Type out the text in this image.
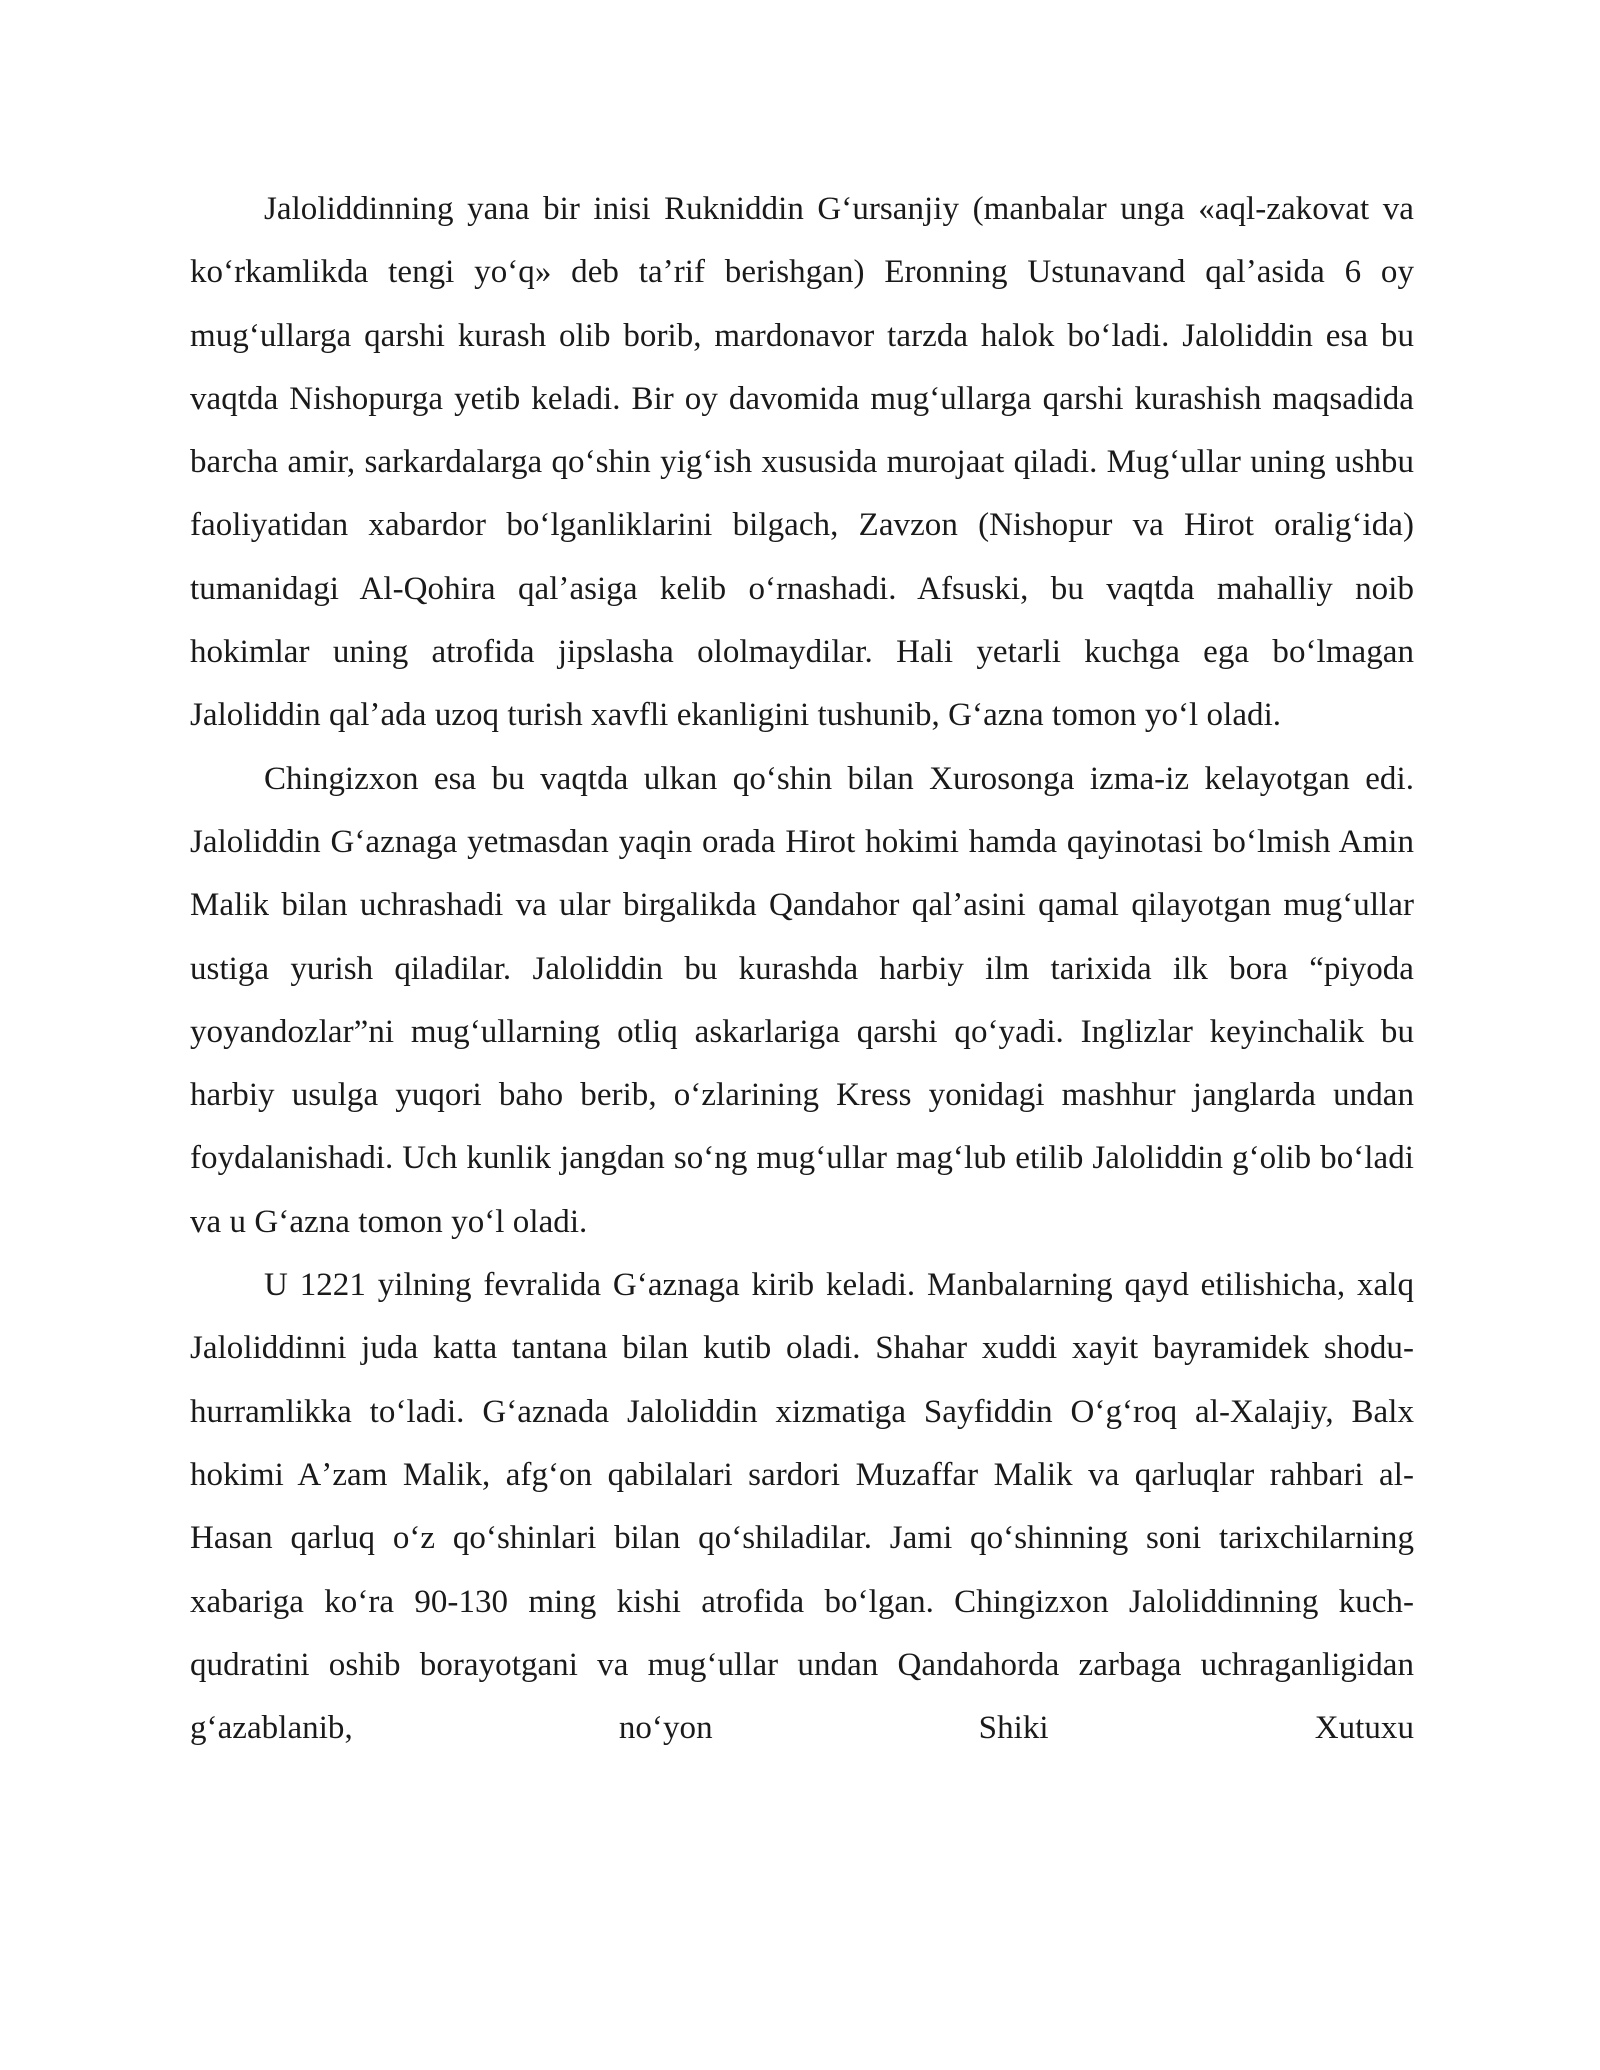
Jaloliddinning yana bir inisi Rukniddin Gʻursanjiy (manbalar unga «aql-zakovat va koʻrkamlikda tengi yoʻq» deb taʼrif berishgan) Eronning Ustunavand qalʼasida 6 oy mugʻullarga qarshi kurash olib borib, mardonavor tarzda halok boʻladi. Jaloliddin esa bu vaqtda Nishopurga yetib keladi. Bir oy davomida mugʻullarga qarshi kurashish maqsadida barcha amir, sarkardalarga qoʻshin yigʻish xususida murojaat qiladi. Mugʻullar uning ushbu faoliyatidan xabardor boʻlganliklarini bilgach, Zavzon (Nishopur va Hirot oraligʻida) tumanidagi Al-Qohira qalʼasiga kelib oʻrnashadi. Afsuski, bu vaqtda mahalliy noib hokimlar uning atrofida jipslasha ololmaydilar. Hali yetarli kuchga ega boʻlmagan Jaloliddin qalʼada uzoq turish xavfli ekanligini tushunib, Gʻazna tomon yoʻl oladi.

Chingizxon esa bu vaqtda ulkan qoʻshin bilan Xurosonga izma-iz kelayotgan edi. Jaloliddin Gʻaznaga yetmasdan yaqin orada Hirot hokimi hamda qayinotasi boʻlmish Amin Malik bilan uchrashadi va ular birgalikda Qandahor qalʼasini qamal qilayotgan mugʻullar ustiga yurish qiladilar. Jaloliddin bu kurashda harbiy ilm tarixida ilk bora “piyoda yoyandozlar”ni mugʻullarning otliq askarlariga qarshi qoʻyadi. Inglizlar keyinchalik bu harbiy usulga yuqori baho berib, oʻzlarining Kress yonidagi mashhur janglarda undan foydalanishadi. Uch kunlik jangdan soʻng mugʻullar magʻlub etilib Jaloliddin gʻolib boʻladi va u Gʻazna tomon yoʻl oladi.

U 1221 yilning fevralida Gʻaznaga kirib keladi. Manbalarning qayd etilishicha, xalq Jaloliddinni juda katta tantana bilan kutib oladi. Shahar xuddi xayit bayramidek shodu-hurramlikka toʻladi. Gʻaznada Jaloliddin xizmatiga Sayfiddin Oʻgʻroq al-Xalajiy, Balx hokimi Aʼzam Malik, afgʻon qabilalari sardori Muzaffar Malik va qarluqlar rahbari al-Hasan qarluq oʻz qoʻshinlari bilan qoʻshiladilar. Jami qoʻshinning soni tarixchilarning xabariga koʻra 90-130 ming kishi atrofida boʻlgan. Chingizxon Jaloliddinning kuch-qudratini oshib borayotgani va mugʻullar undan Qandahorda zarbaga uchraganligidan gʻazablanib, noʻyon Shiki Xutuxu
